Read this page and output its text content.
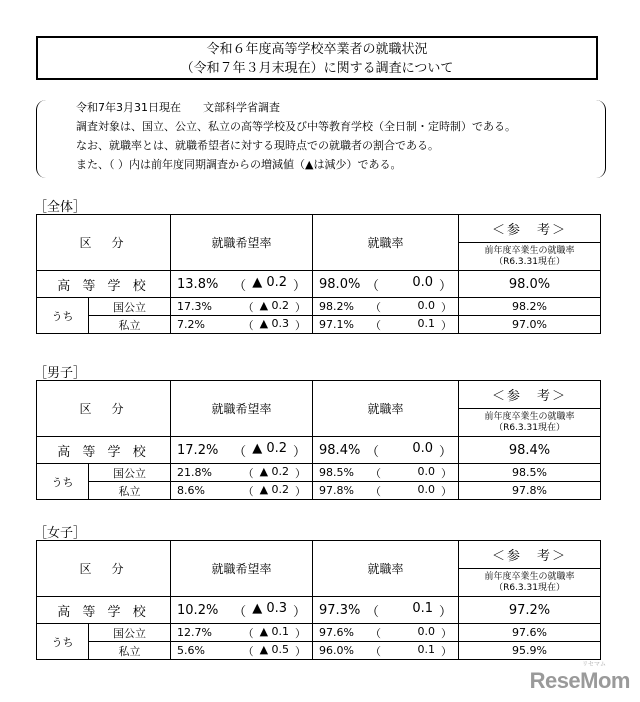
令和６年度高等学校卒業者の就職状況
（令和７年３月末現在）に関する調査について
令和7年3月31日現在　　文部科学省調査
調査対象は、国立、公立、私立の高等学校及び中等教育学校（全日制・定時制）である。
なお、就職率とは、就職希望者に対する現時点での就職者の割合である。
また、（ ）内は前年度同期調査からの増減値（▲は減少）である。
［全体］
区　分		就職希望率	就職率	＜参　考＞

				前年度卒業生の就職率
（R6.3.31現在）

高 等 学 校		13.8% （ ▲ 0.2 ）	98.0% （ 0.0 ）	98.0%
うち	国公立	17.3% （ ▲ 0.2 ）	98.2% （ 0.0 ）	98.2%
	私立	7.2% （ ▲ 0.3 ）	97.1% （ 0.1 ）	97.0%
［男子］
区　分		就職希望率	就職率	＜参　考＞

				前年度卒業生の就職率
（R6.3.31現在）

高 等 学 校		17.2% （ ▲ 0.2 ）	98.4% （ 0.0 ）	98.4%
うち	国公立	21.8% （ ▲ 0.2 ）	98.5% （ 0.0 ）	98.5%
	私立	8.6% （ ▲ 0.2 ）	97.8% （ 0.0 ）	97.8%
［女子］
区　分		就職希望率	就職率	＜参　考＞

				前年度卒業生の就職率
（R6.3.31現在）

高 等 学 校		10.2% （ ▲ 0.3 ）	97.3% （ 0.1 ）	97.2%
うち	国公立	12.7% （ ▲ 0.1 ）	97.6% （ 0.0 ）	97.6%
	私立	5.6% （ ▲ 0.5 ）	96.0% （ 0.1 ）	95.9%
リセマム
ReseMom
